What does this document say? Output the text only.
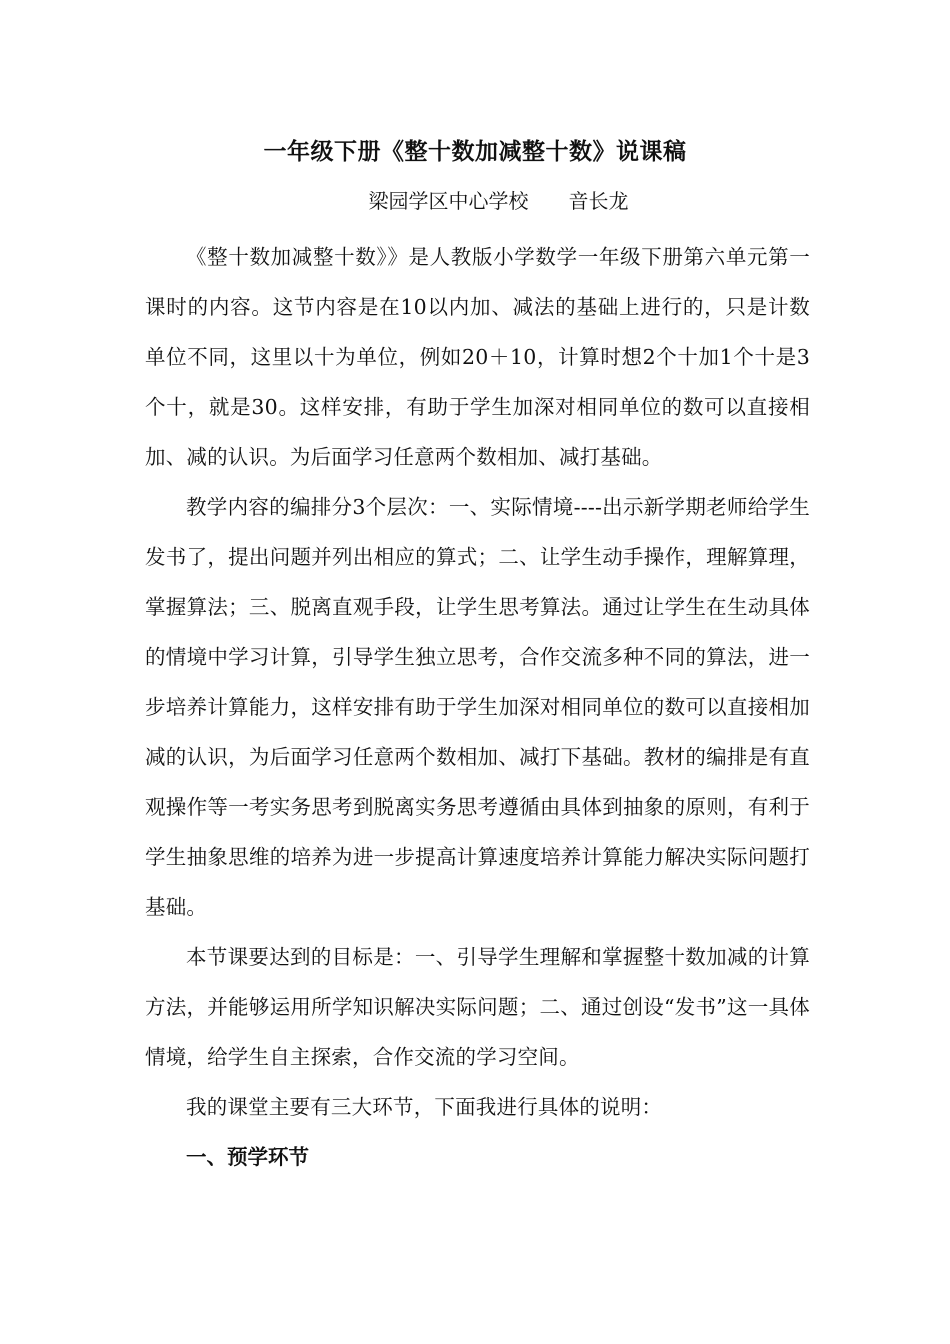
一年级下册《整十数加减整十数》说课稿

梁园学区中心学校 音长龙

《整十数加减整十数》》是人教版小学数学一年级下册第六单元第一课时的内容。这节内容是在10以内加、减法的基础上进行的，只是计数单位不同，这里以十为单位，例如20＋10，计算时想2个十加1个十是3个十，就是30。这样安排，有助于学生加深对相同单位的数可以直接相加、减的认识。为后面学习任意两个数相加、减打基础。

教学内容的编排分3个层次：一、实际情境----出示新学期老师给学生发书了，提出问题并列出相应的算式；二、让学生动手操作，理解算理，掌握算法；三、脱离直观手段，让学生思考算法。通过让学生在生动具体的情境中学习计算，引导学生独立思考，合作交流多种不同的算法，进一步培养计算能力，这样安排有助于学生加深对相同单位的数可以直接相加减的认识，为后面学习任意两个数相加、减打下基础。教材的编排是有直观操作等一考实务思考到脱离实务思考遵循由具体到抽象的原则，有利于学生抽象思维的培养为进一步提高计算速度培养计算能力解决实际问题打基础。

本节课要达到的目标是：一、引导学生理解和掌握整十数加减的计算方法，并能够运用所学知识解决实际问题；二、通过创设“发书”这一具体情境，给学生自主探索，合作交流的学习空间。

我的课堂主要有三大环节，下面我进行具体的说明：

一、预学环节
